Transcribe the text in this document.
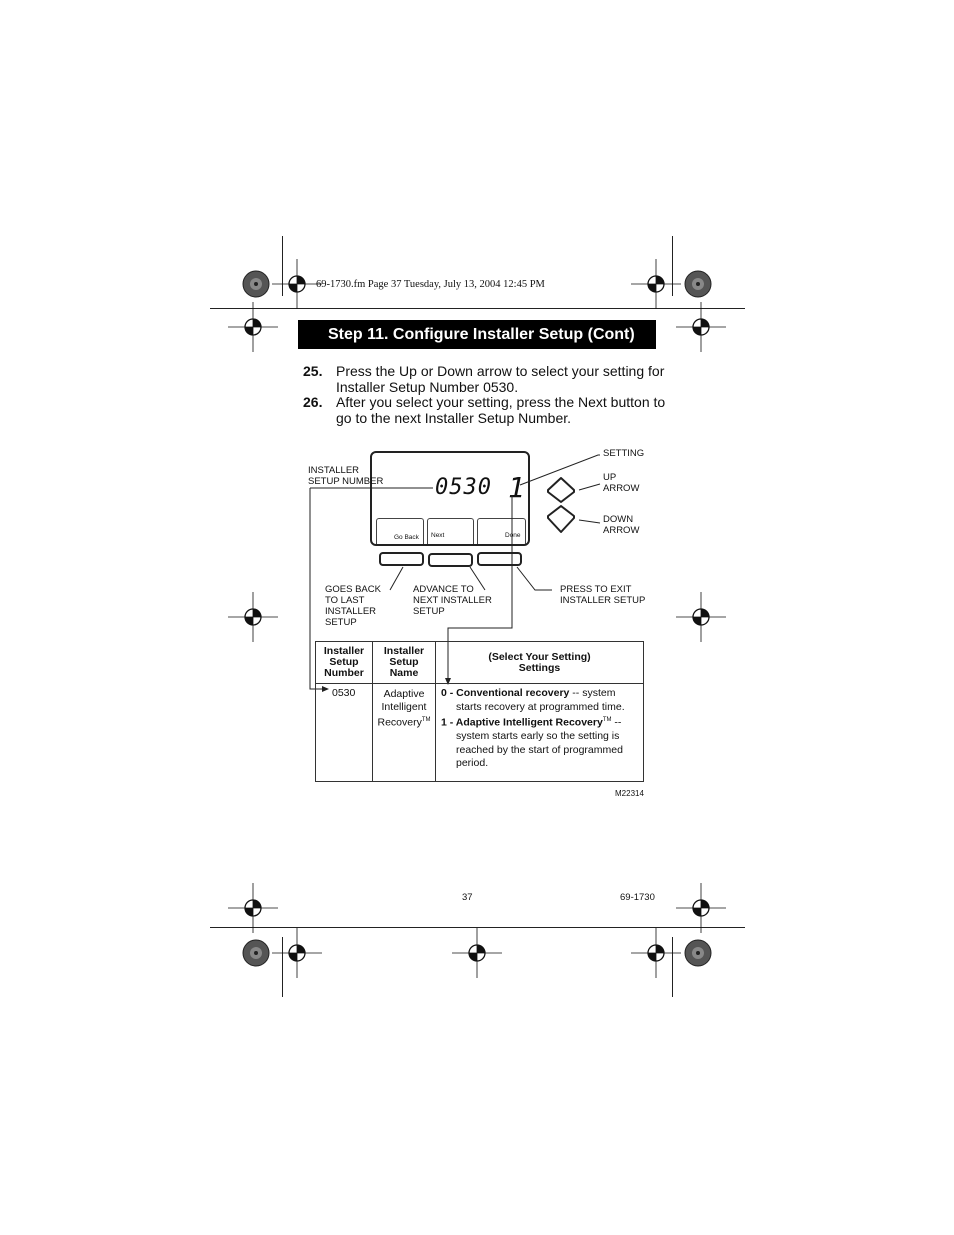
69-1730.fm Page 37 Tuesday, July 13, 2004 12:45 PM
Step 11. Configure Installer Setup (Cont)
25. Press the Up or Down arrow to select your setting for Installer Setup Number 0530.
26. After you select your setting, press the Next button to go to the next Installer Setup Number.
0530 1
Go Back Next	Done
SETTING
INSTALLER
SETUP NUMBER	UP
ARROW
DOWN
ARROW
GOES BACK
TO LAST
INSTALLER
SETUP
ADVANCE TO
NEXT INSTALLER
SETUP
PRESS TO EXIT
INSTALLER SETUP
Installer Setup Number	Installer Setup Name	(Select Your Setting) Settings
0530	Adaptive Intelligent Recovery™	0 - Conventional recovery -- system starts recovery at programmed time.
1 - Adaptive Intelligent Recovery™ -- system starts early so the setting is reached by the start of programmed period.
M22314
37	69-1730
